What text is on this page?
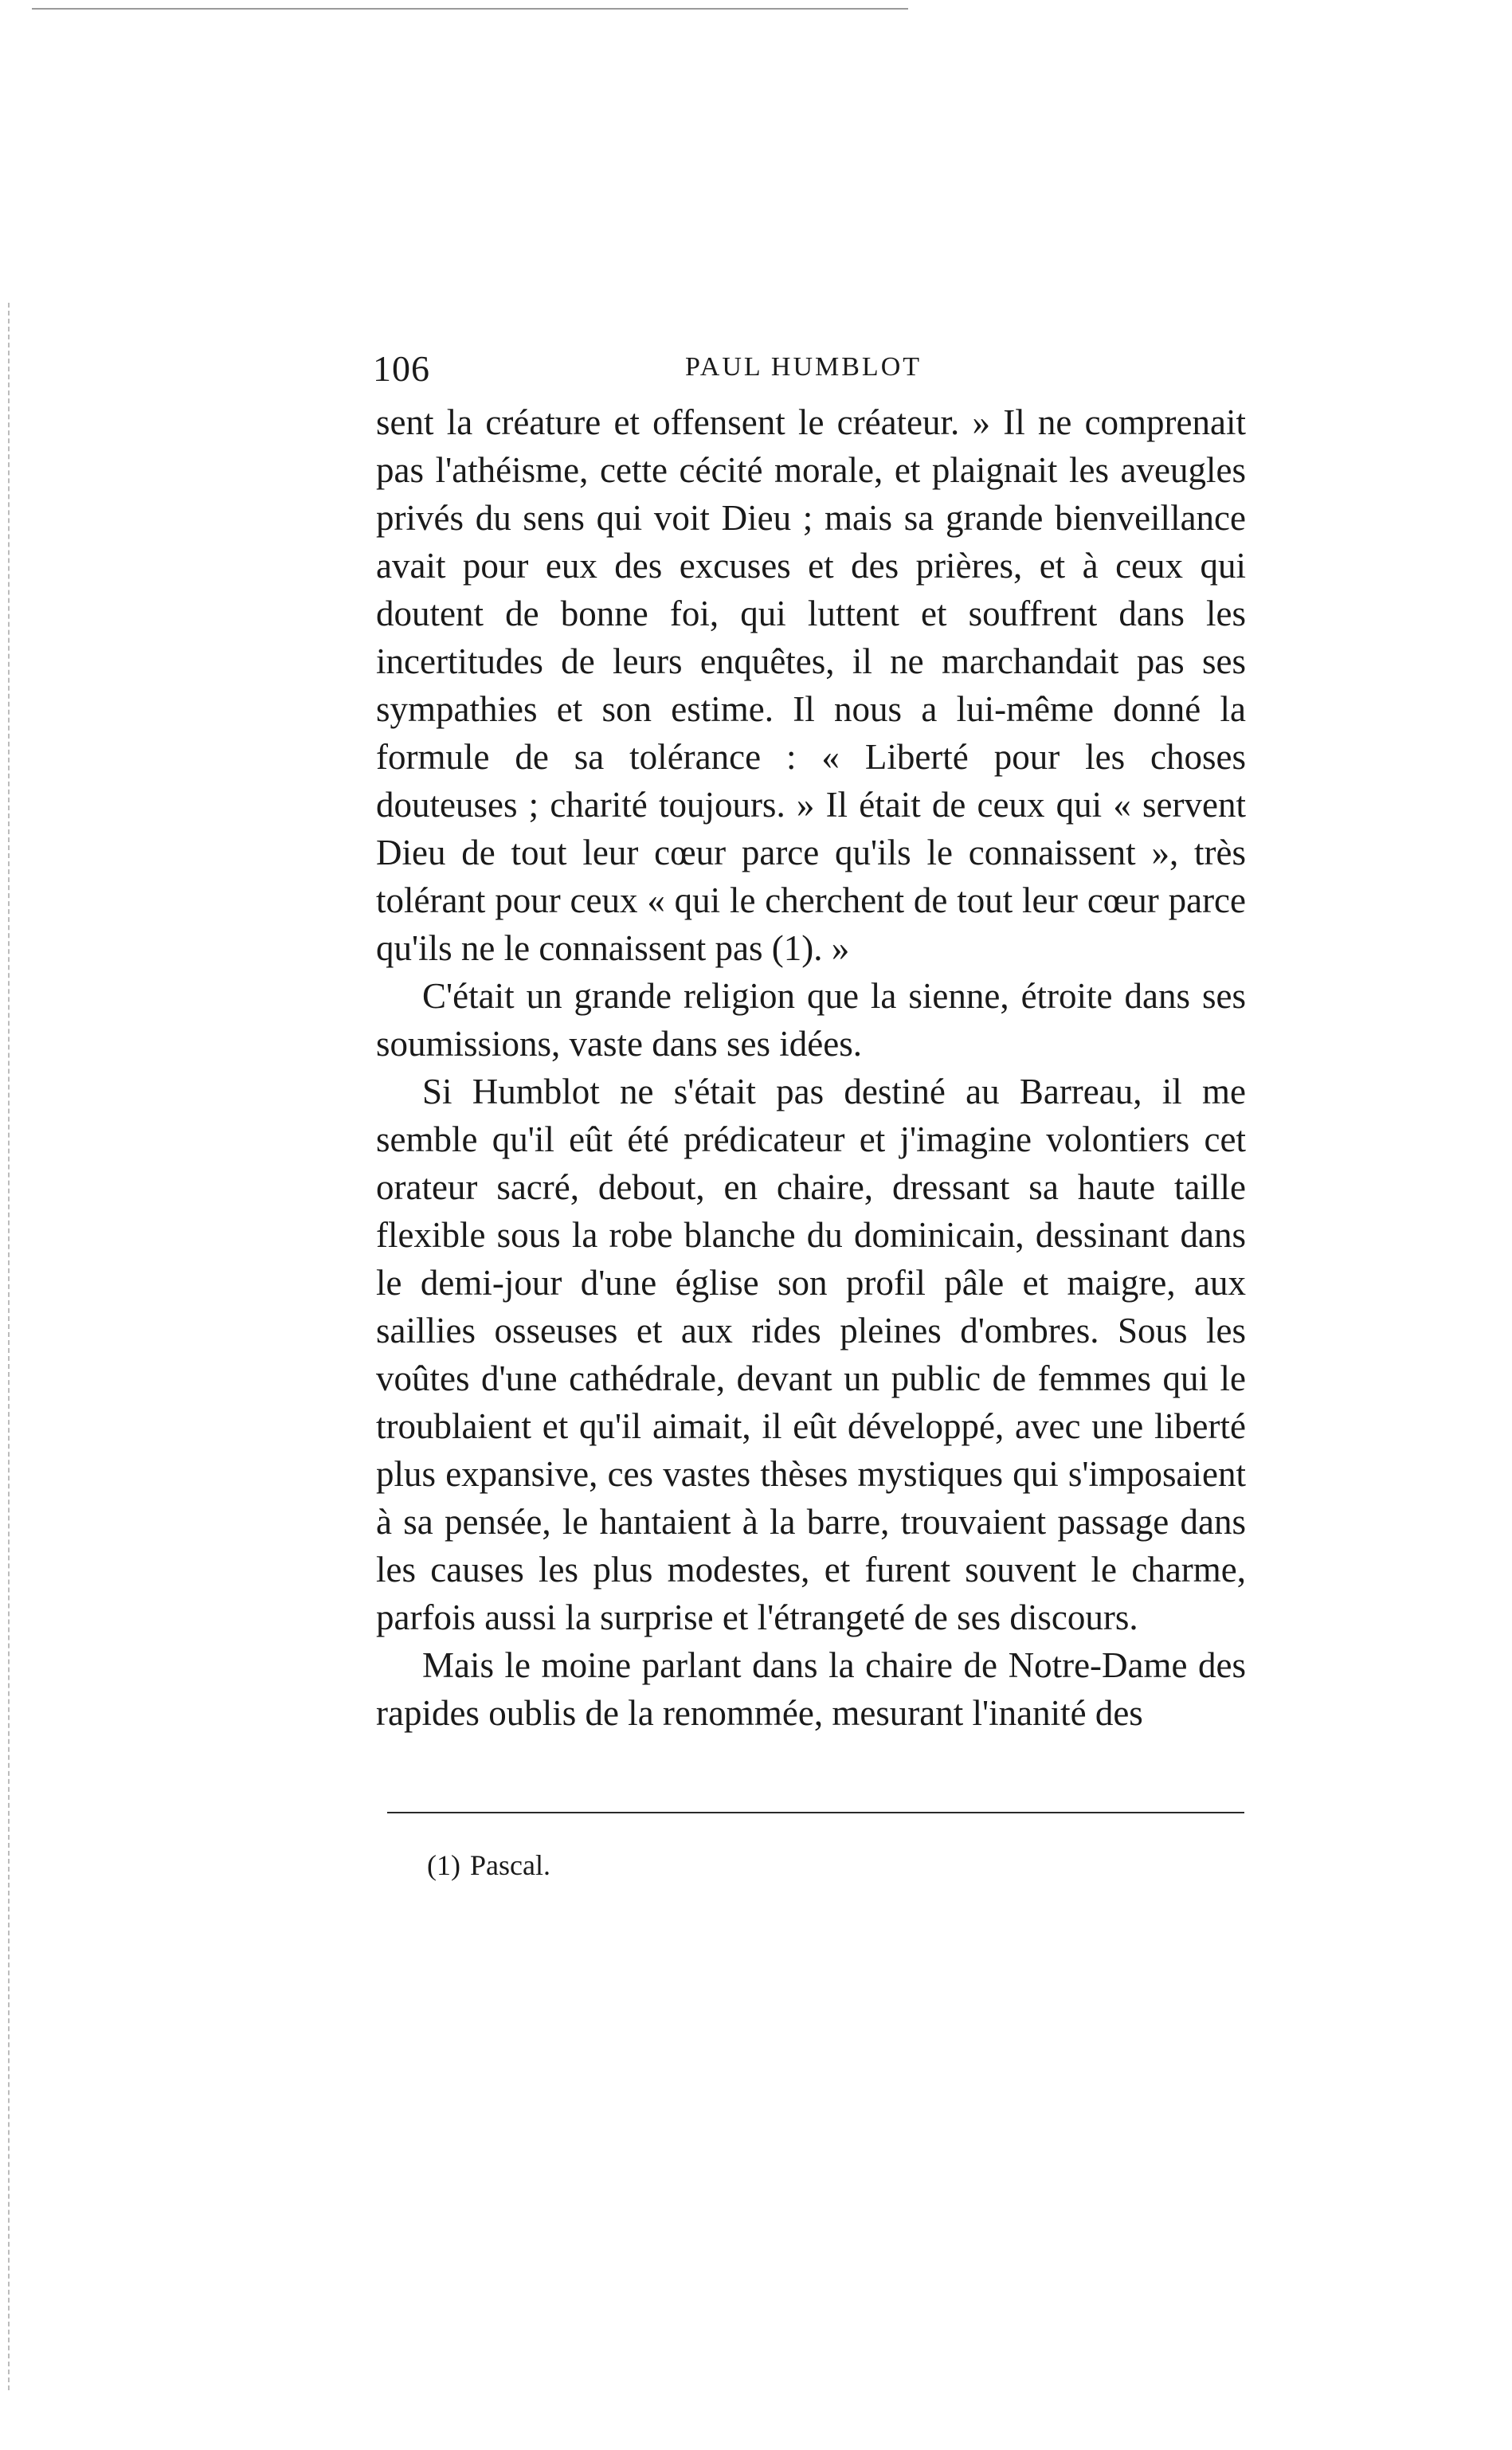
106	PAUL HUMBLOT

sent la créature et offensent le créateur. » Il ne comprenait pas l'athéisme, cette cécité morale, et plaignait les aveugles privés du sens qui voit Dieu ; mais sa grande bienveillance avait pour eux des excuses et des prières, et à ceux qui doutent de bonne foi, qui luttent et souffrent dans les incertitudes de leurs enquêtes, il ne marchandait pas ses sympathies et son estime. Il nous a lui-même donné la formule de sa tolérance : « Liberté pour les choses douteuses ; charité toujours. » Il était de ceux qui « servent Dieu de tout leur cœur parce qu'ils le connaissent », très tolérant pour ceux « qui le cherchent de tout leur cœur parce qu'ils ne le connaissent pas (1). »

C'était un grande religion que la sienne, étroite dans ses soumissions, vaste dans ses idées.

Si Humblot ne s'était pas destiné au Barreau, il me semble qu'il eût été prédicateur et j'imagine volontiers cet orateur sacré, debout, en chaire, dressant sa haute taille flexible sous la robe blanche du dominicain, dessinant dans le demi-jour d'une église son profil pâle et maigre, aux saillies osseuses et aux rides pleines d'ombres. Sous les voûtes d'une cathédrale, devant un public de femmes qui le troublaient et qu'il aimait, il eût développé, avec une liberté plus expansive, ces vastes thèses mystiques qui s'imposaient à sa pensée, le hantaient à la barre, trouvaient passage dans les causes les plus modestes, et furent souvent le charme, parfois aussi la surprise et l'étrangeté de ses discours.

Mais le moine parlant dans la chaire de Notre-Dame des rapides oublis de la renommée, mesurant l'inanité des

(1) Pascal.
